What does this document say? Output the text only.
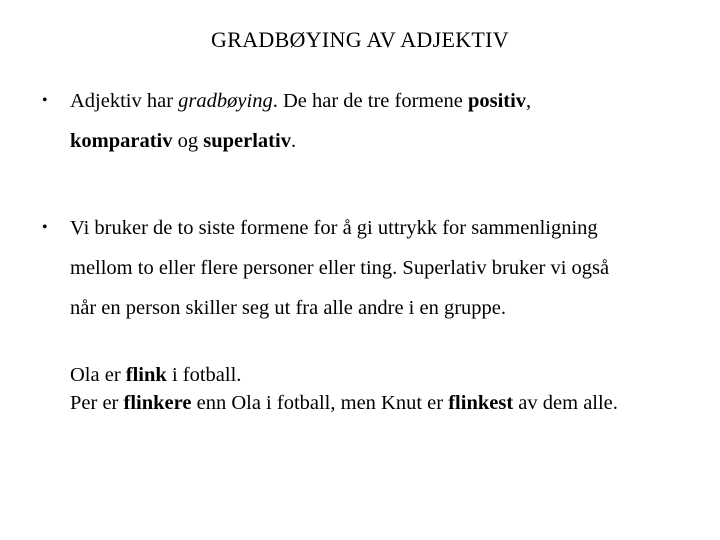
GRADBØYING AV ADJEKTIV
•	Adjektiv har gradbøying. De har de tre formene positiv,
komparativ og superlativ.
•	Vi bruker de to siste formene for å gi uttrykk for sammenligning
mellom to eller flere personer eller ting. Superlativ bruker vi også
når en person skiller seg ut fra alle andre i en gruppe.
Ola er flink i fotball.
Per er flinkere enn Ola i fotball, men Knut er flinkest av dem alle.
